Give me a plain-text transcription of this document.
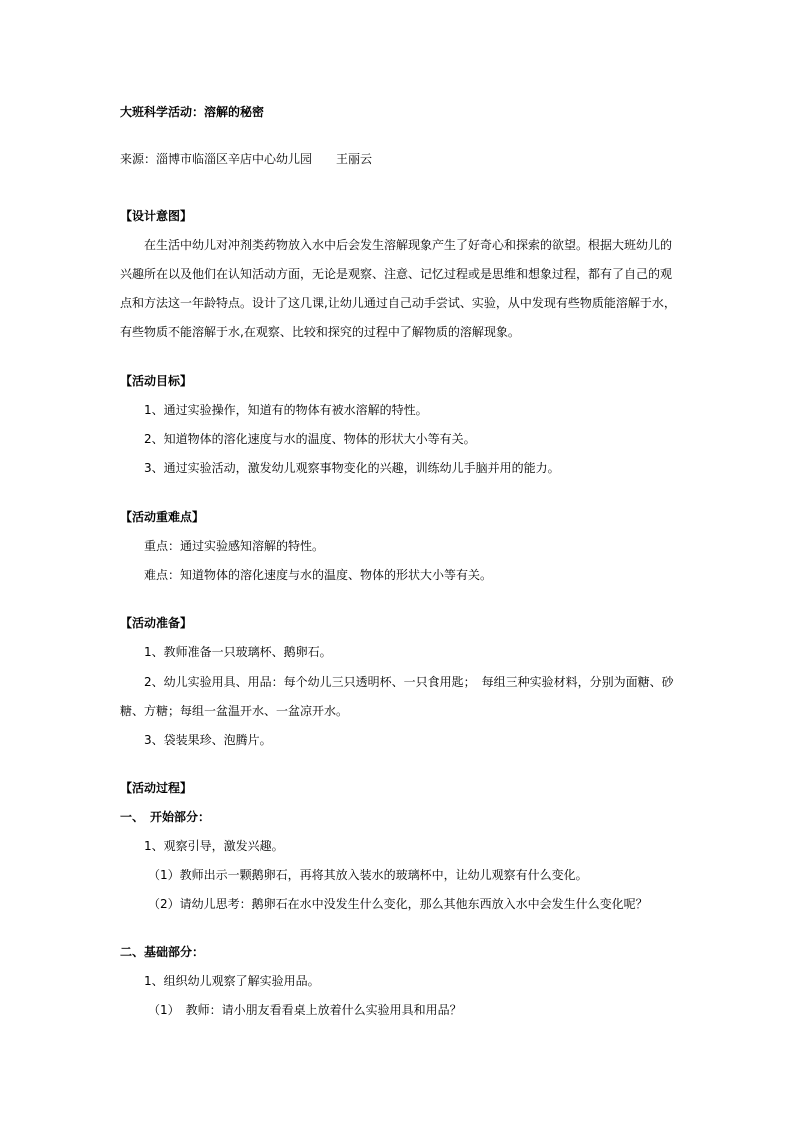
大班科学活动：溶解的秘密
来源：淄博市临淄区辛店中心幼儿园　　王丽云
【设计意图】
在生活中幼儿对冲剂类药物放入水中后会发生溶解现象产生了好奇心和探索的欲望。根据大班幼儿的
兴趣所在以及他们在认知活动方面，无论是观察、注意、记忆过程或是思维和想象过程，都有了自己的观
点和方法这一年龄特点。设计了这几课,让幼儿通过自己动手尝试、实验，从中发现有些物质能溶解于水，
有些物质不能溶解于水,在观察、比较和探究的过程中了解物质的溶解现象。
【活动目标】
1、通过实验操作，知道有的物体有被水溶解的特性。
2、知道物体的溶化速度与水的温度、物体的形状大小等有关。
3、通过实验活动，激发幼儿观察事物变化的兴趣，训练幼儿手脑并用的能力。
【活动重难点】
重点：通过实验感知溶解的特性。
难点：知道物体的溶化速度与水的温度、物体的形状大小等有关。
【活动准备】
1、教师准备一只玻璃杯、鹅卵石。
2、幼儿实验用具、用品：每个幼儿三只透明杯、一只食用匙；　每组三种实验材料，分别为面糖、砂
糖、方糖；每组一盆温开水、一盆凉开水。
3、袋装果珍、泡腾片。
【活动过程】
一、　开始部分：
1、观察引导，激发兴趣。
（1）教师出示一颗鹅卵石，再将其放入装水的玻璃杯中，让幼儿观察有什么变化。
（2）请幼儿思考：鹅卵石在水中没发生什么变化，那么其他东西放入水中会发生什么变化呢？
二、基础部分：
1、组织幼儿观察了解实验用品。
（1）　教师：请小朋友看看桌上放着什么实验用具和用品？
